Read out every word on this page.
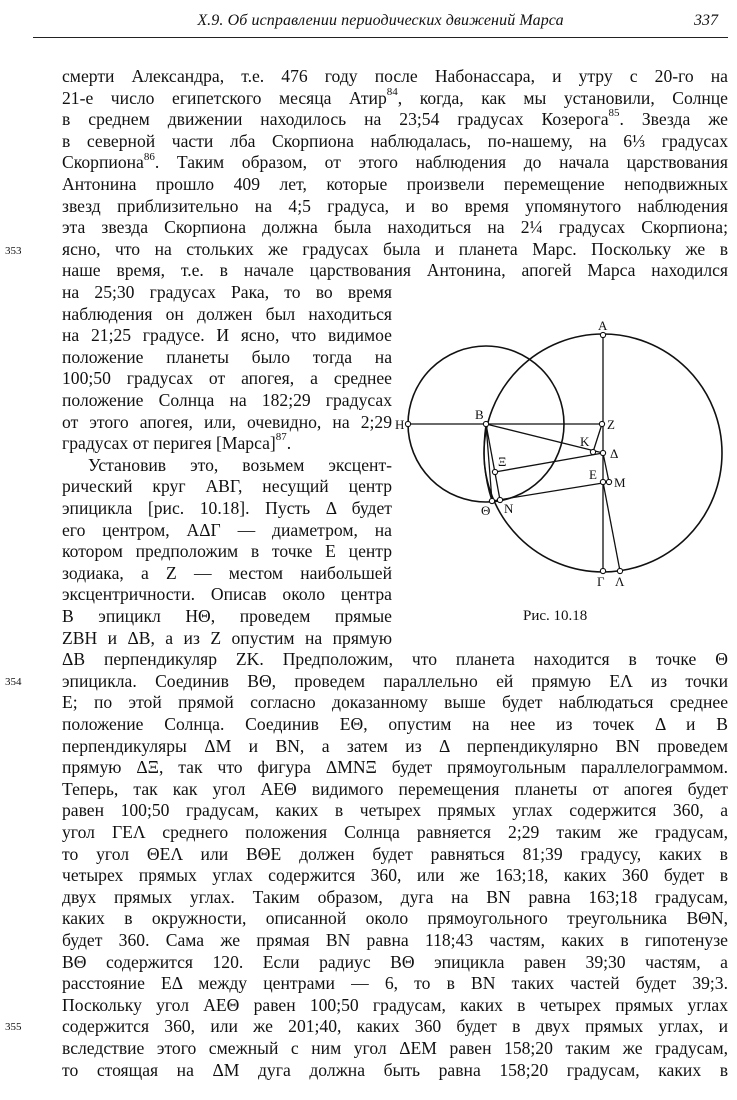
X.9. Об исправлении периодических движений Марса	337
смерти Александра, т.е. 476 году после Набонассара, и утру с 20-го на
21-е число египетского месяца Атир$^{84}$, когда, как мы установили, Солнце
в среднем движении находилось на 23;54 градусах Козерога$^{85}$. Звезда же
в северной части лба Скорпиона наблюдалась, по-нашему, на 6⅓ градусах
Скорпиона$^{86}$. Таким образом, от этого наблюдения до начала царствования
Антонина прошло 409 лет, которые произвели перемещение неподвижных
звезд приблизительно на 4;5 градуса, и во время упомянутого наблюдения
эта звезда Скорпиона должна была находиться на 2¼ градусах Скорпиона;
ясно, что на стольких же градусах была и планета Марс. Поскольку же в
наше время, т.е. в начале царствования Антонина, апогей Марса находился
на 25;30 градусах Рака, то во время
наблюдения он должен был находиться
на 21;25 градусе. И ясно, что видимое
положение планеты было тогда на
100;50 градусах от апогея, а среднее
положение Солнца на 182;29 градусах
от этого апогея, или, очевидно, на 2;29
градусах от перигея [Марса]$^{87}$.
Установив это, возьмем эксцент-
рический круг ΑΒΓ, несущий центр
эпицикла [рис. 10.18]. Пусть Δ будет
его центром, ΑΔΓ — диаметром, на
котором предположим в точке Ε центр
зодиака, а Ζ — местом наибольшей
эксцентричности. Описав около центра
Β эпицикл ΗΘ, проведем прямые
ΖΒΗ и ΔΒ, а из Ζ опустим на прямую
ΔΒ перпендикуляр ΖΚ. Предположим, что планета находится в точке Θ
эпицикла. Соединив ΒΘ, проведем параллельно ей прямую ΕΛ из точки
Ε; по этой прямой согласно доказанному выше будет наблюдаться среднее
положение Солнца. Соединив ΕΘ, опустим на нее из точек Δ и Β
перпендикуляры ΔΜ и ΒΝ, а затем из Δ перпендикулярно ΒΝ проведем
прямую ΔΞ, так что фигура ΔΜΝΞ будет прямоугольным параллелограммом.
Теперь, так как угол ΑΕΘ видимого перемещения планеты от апогея будет
равен 100;50 градусам, каких в четырех прямых углах содержится 360, а
угол ΓΕΛ среднего положения Солнца равняется 2;29 таким же градусам,
то угол ΘΕΛ или ΒΘΕ должен будет равняться 81;39 градусу, каких в
четырех прямых углах содержится 360, или же 163;18, каких 360 будет в
двух прямых углах. Таким образом, дуга на ΒΝ равна 163;18 градусам,
каких в окружности, описанной около прямоугольного треугольника ΒΘΝ,
будет 360. Сама же прямая ΒΝ равна 118;43 частям, каких в гипотенузе
ΒΘ содержится 120. Если радиус ΒΘ эпицикла равен 39;30 частям, а
расстояние ΕΔ между центрами — 6, то в ΒΝ таких частей будет 39;3.
Поскольку угол ΑΕΘ равен 100;50 градусам, каких в четырех прямых углах
содержится 360, или же 201;40, каких 360 будет в двух прямых углах, и
вследствие этого смежный с ним угол ΔΕΜ равен 158;20 таким же градусам,
то стоящая на ΔΜ дуга должна быть равна 158;20 градусам, каких в
353
354
355
A
B
H	Z
K
Δ
Ξ
E
M
Θ N
Γ Λ
Рис. 10.18
